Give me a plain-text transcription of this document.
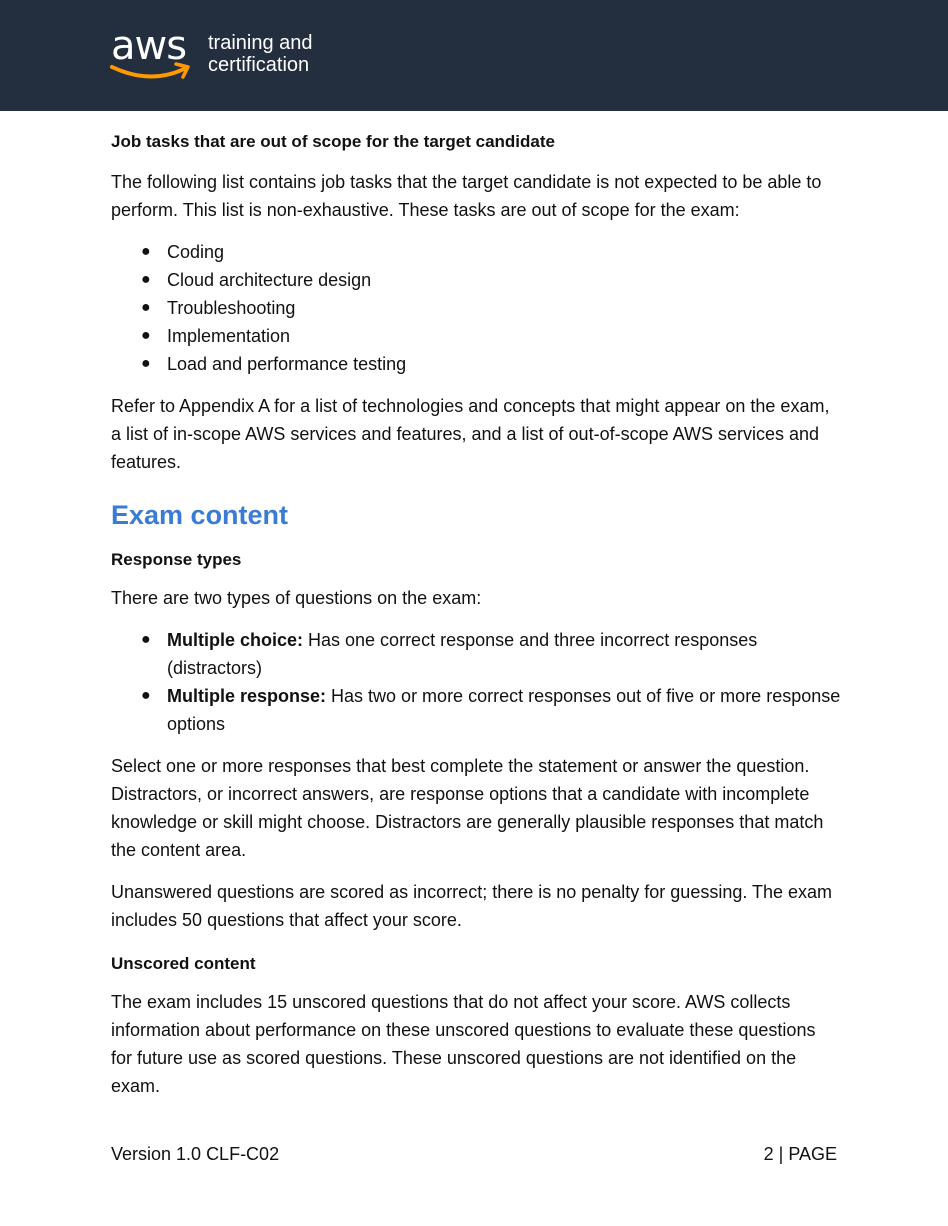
aws training and
certification

Job tasks that are out of scope for the target candidate

The following list contains job tasks that the target candidate is not expected to be able to perform. This list is non-exhaustive. These tasks are out of scope for the exam:

● Coding
● Cloud architecture design
● Troubleshooting
● Implementation
● Load and performance testing

Refer to Appendix A for a list of technologies and concepts that might appear on the exam, a list of in-scope AWS services and features, and a list of out-of-scope AWS services and features.

Exam content

Response types

There are two types of questions on the exam:

● Multiple choice: Has one correct response and three incorrect responses (distractors)
● Multiple response: Has two or more correct responses out of five or more response options

Select one or more responses that best complete the statement or answer the question. Distractors, or incorrect answers, are response options that a candidate with incomplete knowledge or skill might choose. Distractors are generally plausible responses that match the content area.

Unanswered questions are scored as incorrect; there is no penalty for guessing. The exam includes 50 questions that affect your score.

Unscored content

The exam includes 15 unscored questions that do not affect your score. AWS collects information about performance on these unscored questions to evaluate these questions for future use as scored questions. These unscored questions are not identified on the exam.

Version 1.0 CLF-C02	2 | PAGE
